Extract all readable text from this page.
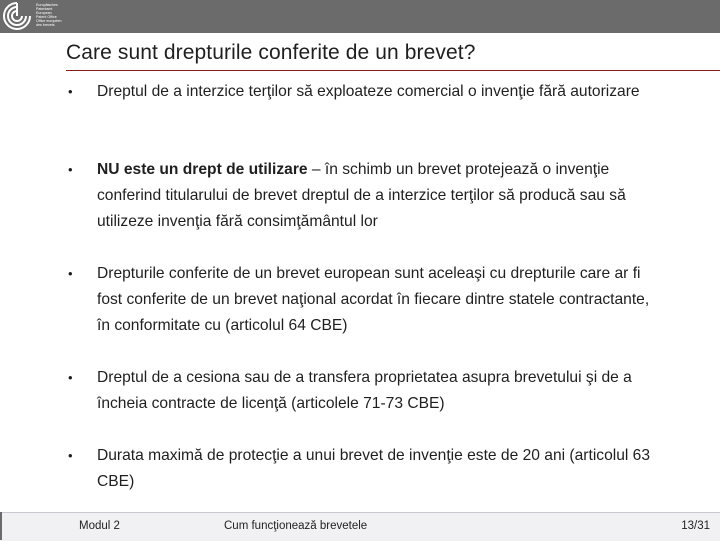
Europäisches
Patentamt
European
Patent Office
Office européen
des brevets
Care sunt drepturile conferite de un brevet?
• Dreptul de a interzice terţilor să exploateze comercial o invenţie fără autorizare
• NU este un drept de utilizare – în schimb un brevet protejează o invenţie conferind titularului de brevet dreptul de a interzice terţilor să producă sau să utilizeze invenţia fără consimţământul lor
• Drepturile conferite de un brevet european sunt aceleaşi cu drepturile care ar fi fost conferite de un brevet naţional acordat în fiecare dintre statele contractante, în conformitate cu (articolul 64 CBE)
• Dreptul de a cesiona sau de a transfera proprietatea asupra brevetului şi de a încheia contracte de licenţă (articolele 71-73 CBE)
• Durata maximă de protecţie a unui brevet de invenţie este de 20 ani (articolul 63 CBE)
Modul 2	Cum funcţionează brevetele	13/31
